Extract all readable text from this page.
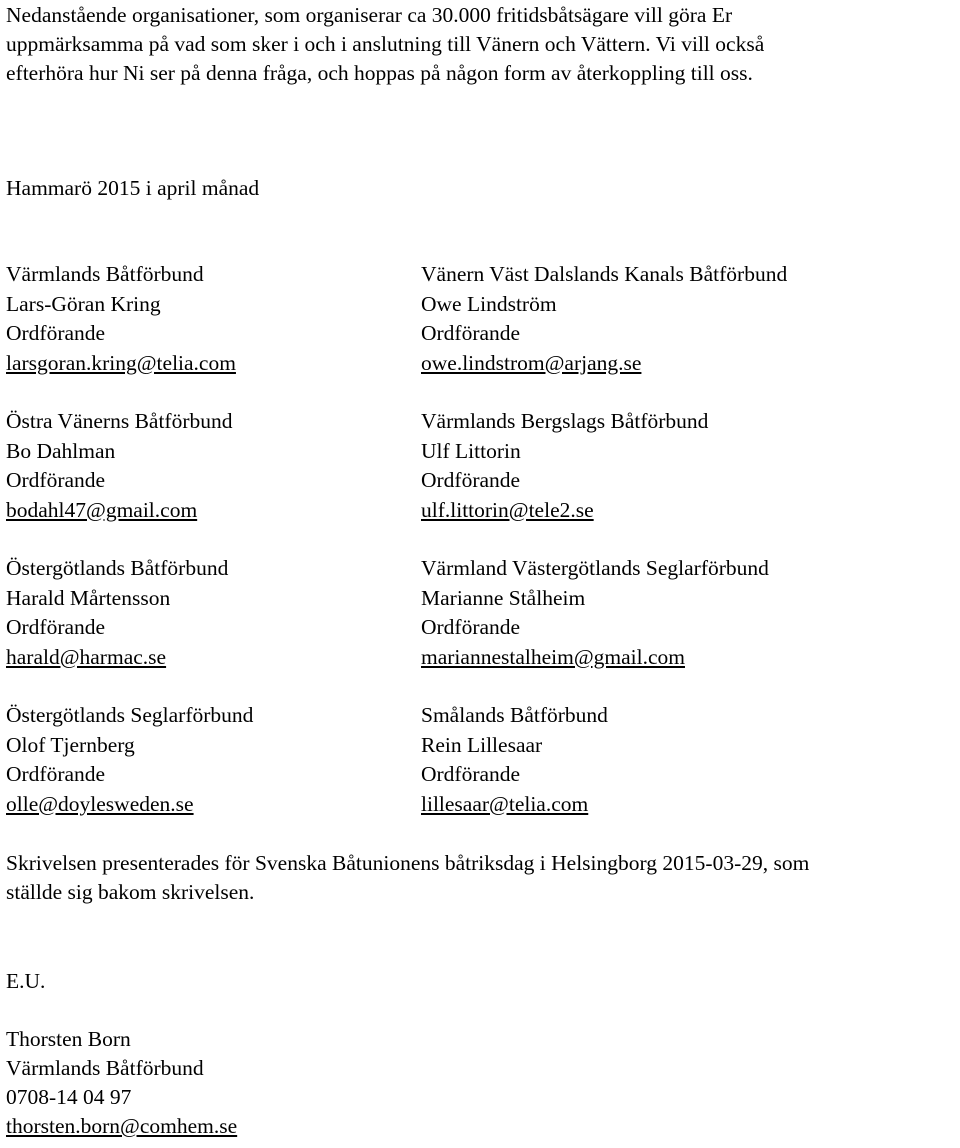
Nedanstående organisationer, som organiserar ca 30.000 fritidsbåtsägare vill göra Er
uppmärksamma på vad som sker i och i anslutning till Vänern och Vättern. Vi vill också
efterhöra hur Ni ser på denna fråga, och hoppas på någon form av återkoppling till oss.
Hammarö 2015 i april månad
Värmlands Båtförbund
Lars-Göran Kring
Ordförande
larsgoran.kring@telia.com
Vänern Väst Dalslands Kanals Båtförbund
Owe Lindström
Ordförande
owe.lindstrom@arjang.se
Östra Vänerns Båtförbund
Bo Dahlman
Ordförande
bodahl47@gmail.com
Värmlands Bergslags Båtförbund
Ulf Littorin
Ordförande
ulf.littorin@tele2.se
Östergötlands Båtförbund
Harald Mårtensson
Ordförande
harald@harmac.se
Värmland Västergötlands Seglarförbund
Marianne Stålheim
Ordförande
mariannestalheim@gmail.com
Östergötlands Seglarförbund
Olof Tjernberg
Ordförande
olle@doylesweden.se
Smålands Båtförbund
Rein Lillesaar
Ordförande
lillesaar@telia.com
Skrivelsen presenterades för Svenska Båtunionens båtriksdag i Helsingborg 2015-03-29, som
ställde sig bakom skrivelsen.
E.U.
Thorsten Born
Värmlands Båtförbund
0708-14 04 97
thorsten.born@comhem.se
